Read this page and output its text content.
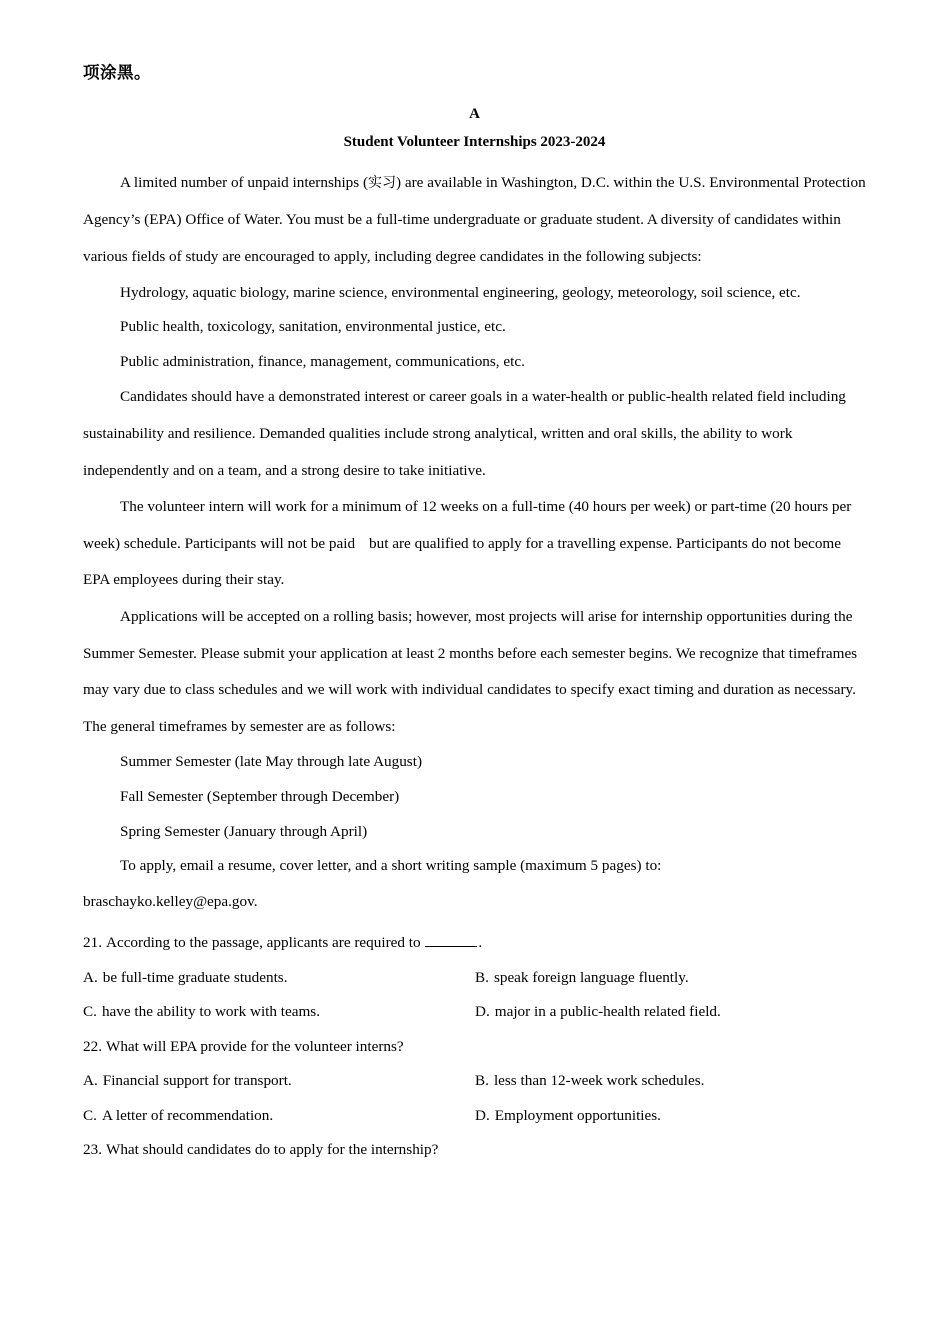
项涂黑。
A
Student Volunteer Internships 2023-2024

A limited number of unpaid internships (实习) are available in Washington, D.C. within the U.S. Environmental Protection Agency’s (EPA) Office of Water. You must be a full-time undergraduate or graduate student. A diversity of candidates within various fields of study are encouraged to apply, including degree candidates in the following subjects:

Hydrology, aquatic biology, marine science, environmental engineering, geology, meteorology, soil science, etc.

Public health, toxicology, sanitation, environmental justice, etc.

Public administration, finance, management, communications, etc.

Candidates should have a demonstrated interest or career goals in a water-health or public-health related field including sustainability and resilience. Demanded qualities include strong analytical, written and oral skills, the ability to work independently and on a team, and a strong desire to take initiative.

The volunteer intern will work for a minimum of 12 weeks on a full-time (40 hours per week) or part-time (20 hours per week) schedule. Participants will not be paid but are qualified to apply for a travelling expense. Participants do not become EPA employees during their stay.

Applications will be accepted on a rolling basis; however, most projects will arise for internship opportunities during the Summer Semester. Please submit your application at least 2 months before each semester begins. We recognize that timeframes may vary due to class schedules and we will work with individual candidates to specify exact timing and duration as necessary. The general timeframes by semester are as follows:

Summer Semester (late May through late August)

Fall Semester (September through December)

Spring Semester (January through April)

To apply, email a resume, cover letter, and a short writing sample (maximum 5 pages) to:

braschayko.kelley@epa.gov.

21. According to the passage, applicants are required to	.

A. be full-time graduate students.	B. speak foreign language fluently.
C. have the ability to work with teams.	D. major in a public-health related field.

22. What will EPA provide for the volunteer interns?

A. Financial support for transport.	B. less than 12-week work schedules.
C. A letter of recommendation.	D. Employment opportunities.

23. What should candidates do to apply for the internship?
